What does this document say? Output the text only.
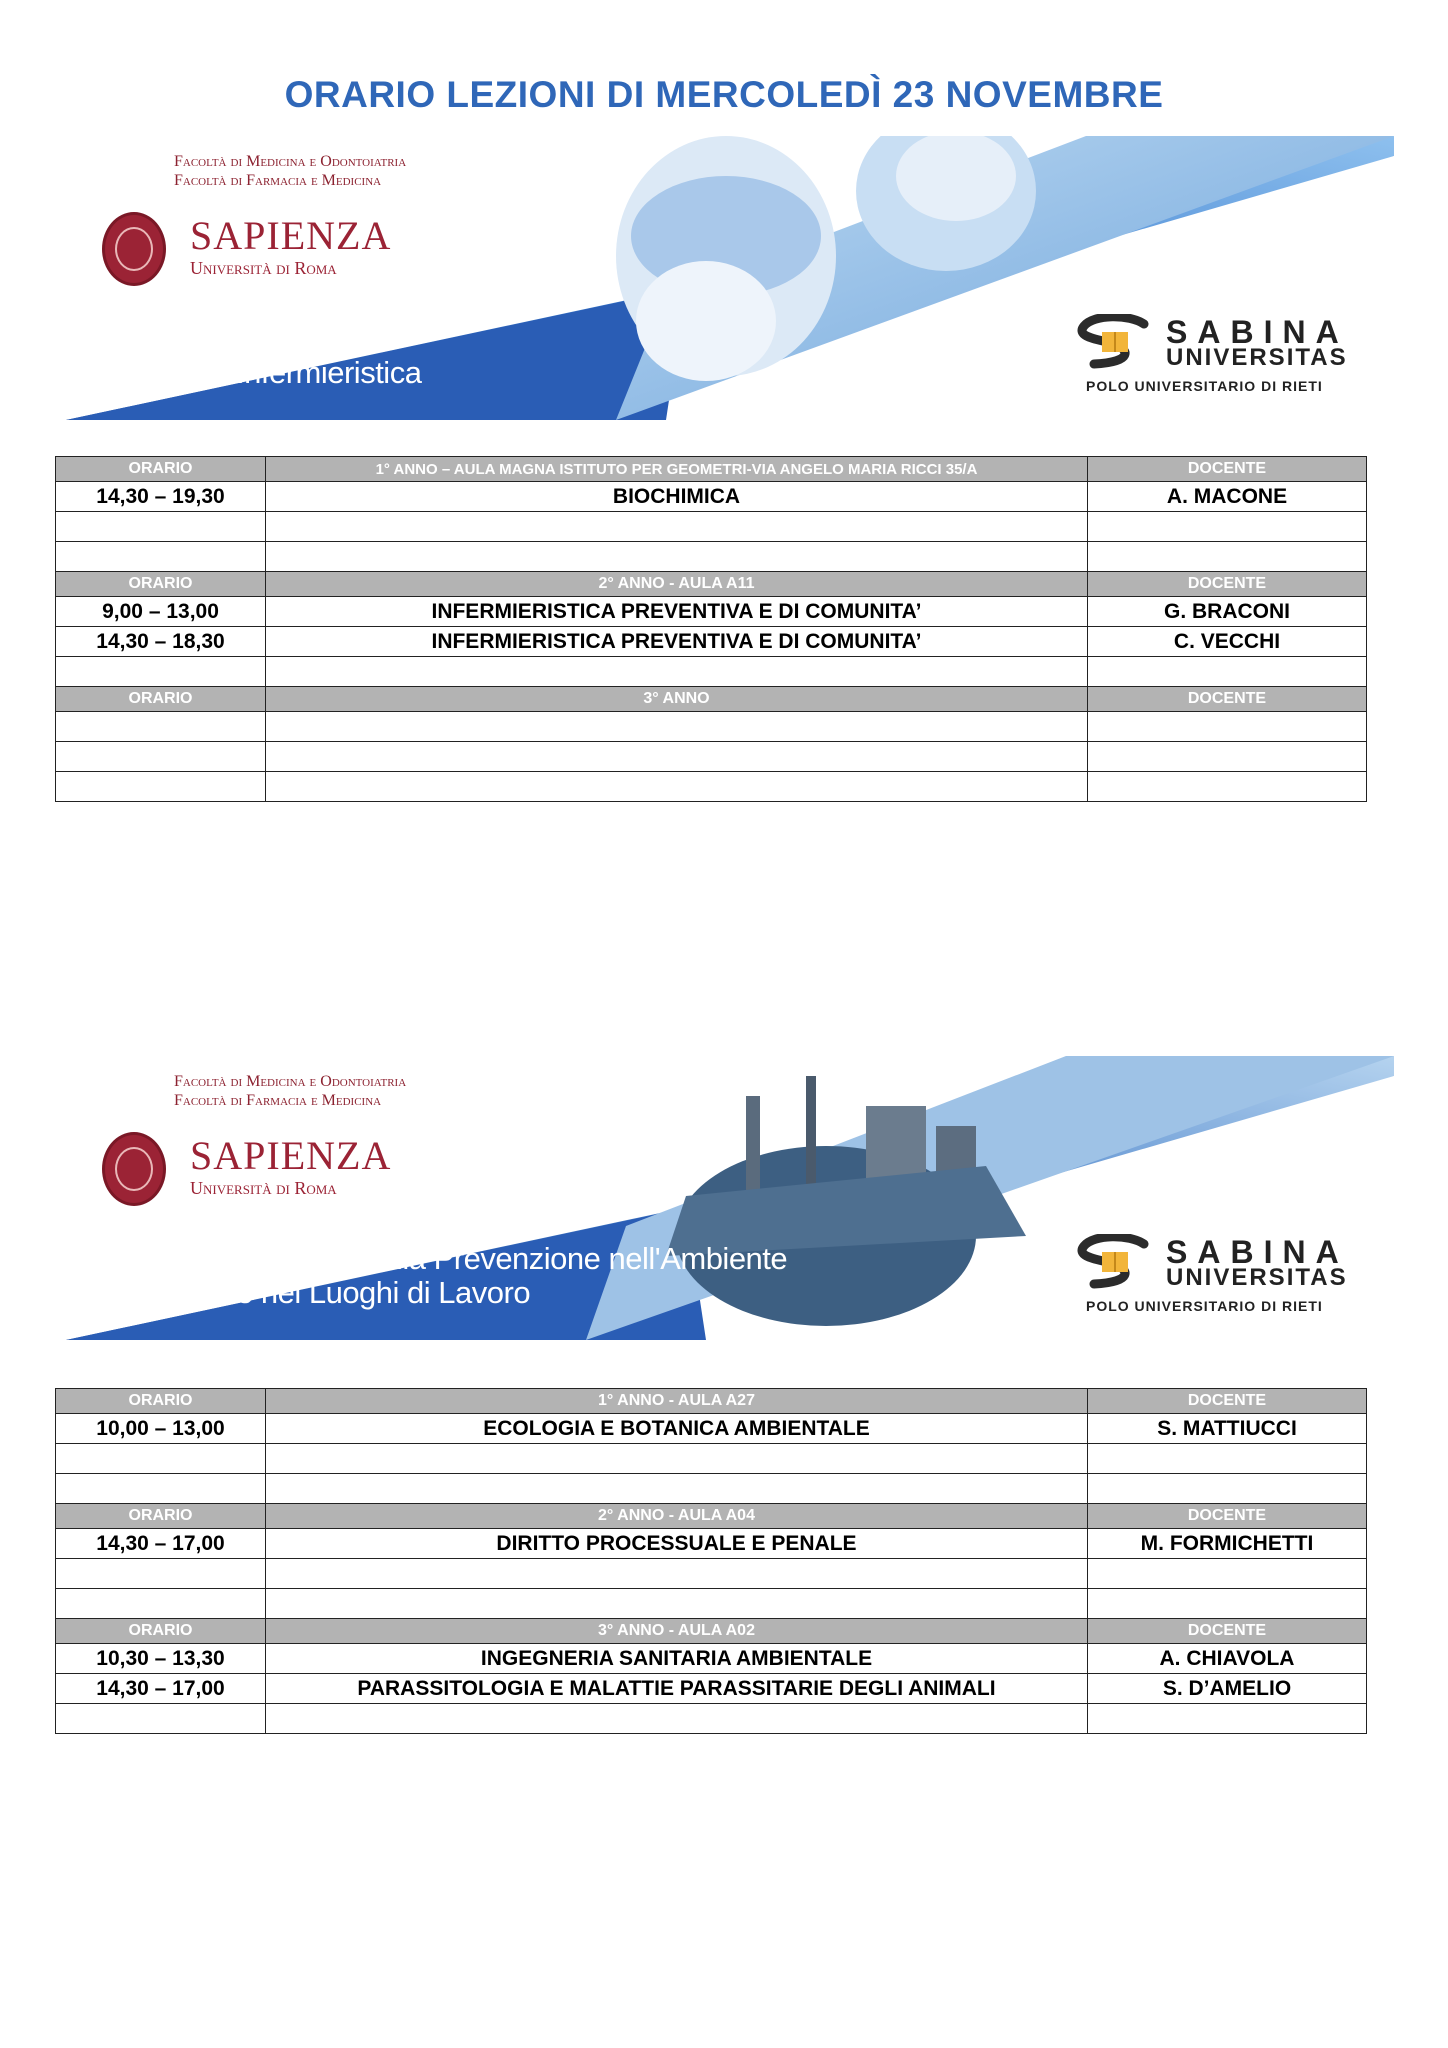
ORARIO LEZIONI DI MERCOLEDÌ 23 NOVEMBRE
Facoltà di Medicina e Odontoiatria
Facoltà di Farmacia e Medicina
SAPIENZA
Università di Roma
Infermieristica
SABINA
UNIVERSITAS
POLO UNIVERSITARIO DI RIETI
ORARIO	1° ANNO – AULA MAGNA ISTITUTO PER GEOMETRI-VIA ANGELO MARIA RICCI 35/A	DOCENTE
14,30 – 19,30	BIOCHIMICA	A. MACONE

ORARIO	2° ANNO - AULA A11	DOCENTE
9,00 – 13,00	INFERMIERISTICA PREVENTIVA E DI COMUNITA’	G. BRACONI
14,30 – 18,30	INFERMIERISTICA PREVENTIVA E DI COMUNITA’	C. VECCHI

ORARIO	3° ANNO	DOCENTE

Facoltà di Medicina e Odontoiatria
Facoltà di Farmacia e Medicina
SAPIENZA
Università di Roma
Tecniche della Prevenzione nell'Ambiente e nei Luoghi di Lavoro
SABINA
UNIVERSITAS
POLO UNIVERSITARIO DI RIETI
ORARIO	1° ANNO - AULA A27	DOCENTE
10,00 – 13,00	ECOLOGIA E BOTANICA AMBIENTALE	S. MATTIUCCI

ORARIO	2° ANNO - AULA A04	DOCENTE
14,30 – 17,00	DIRITTO PROCESSUALE E PENALE	M. FORMICHETTI

ORARIO	3° ANNO - AULA A02	DOCENTE
10,30 – 13,30	INGEGNERIA SANITARIA AMBIENTALE	A. CHIAVOLA
14,30 – 17,00	PARASSITOLOGIA E MALATTIE PARASSITARIE DEGLI ANIMALI	S. D’AMELIO
